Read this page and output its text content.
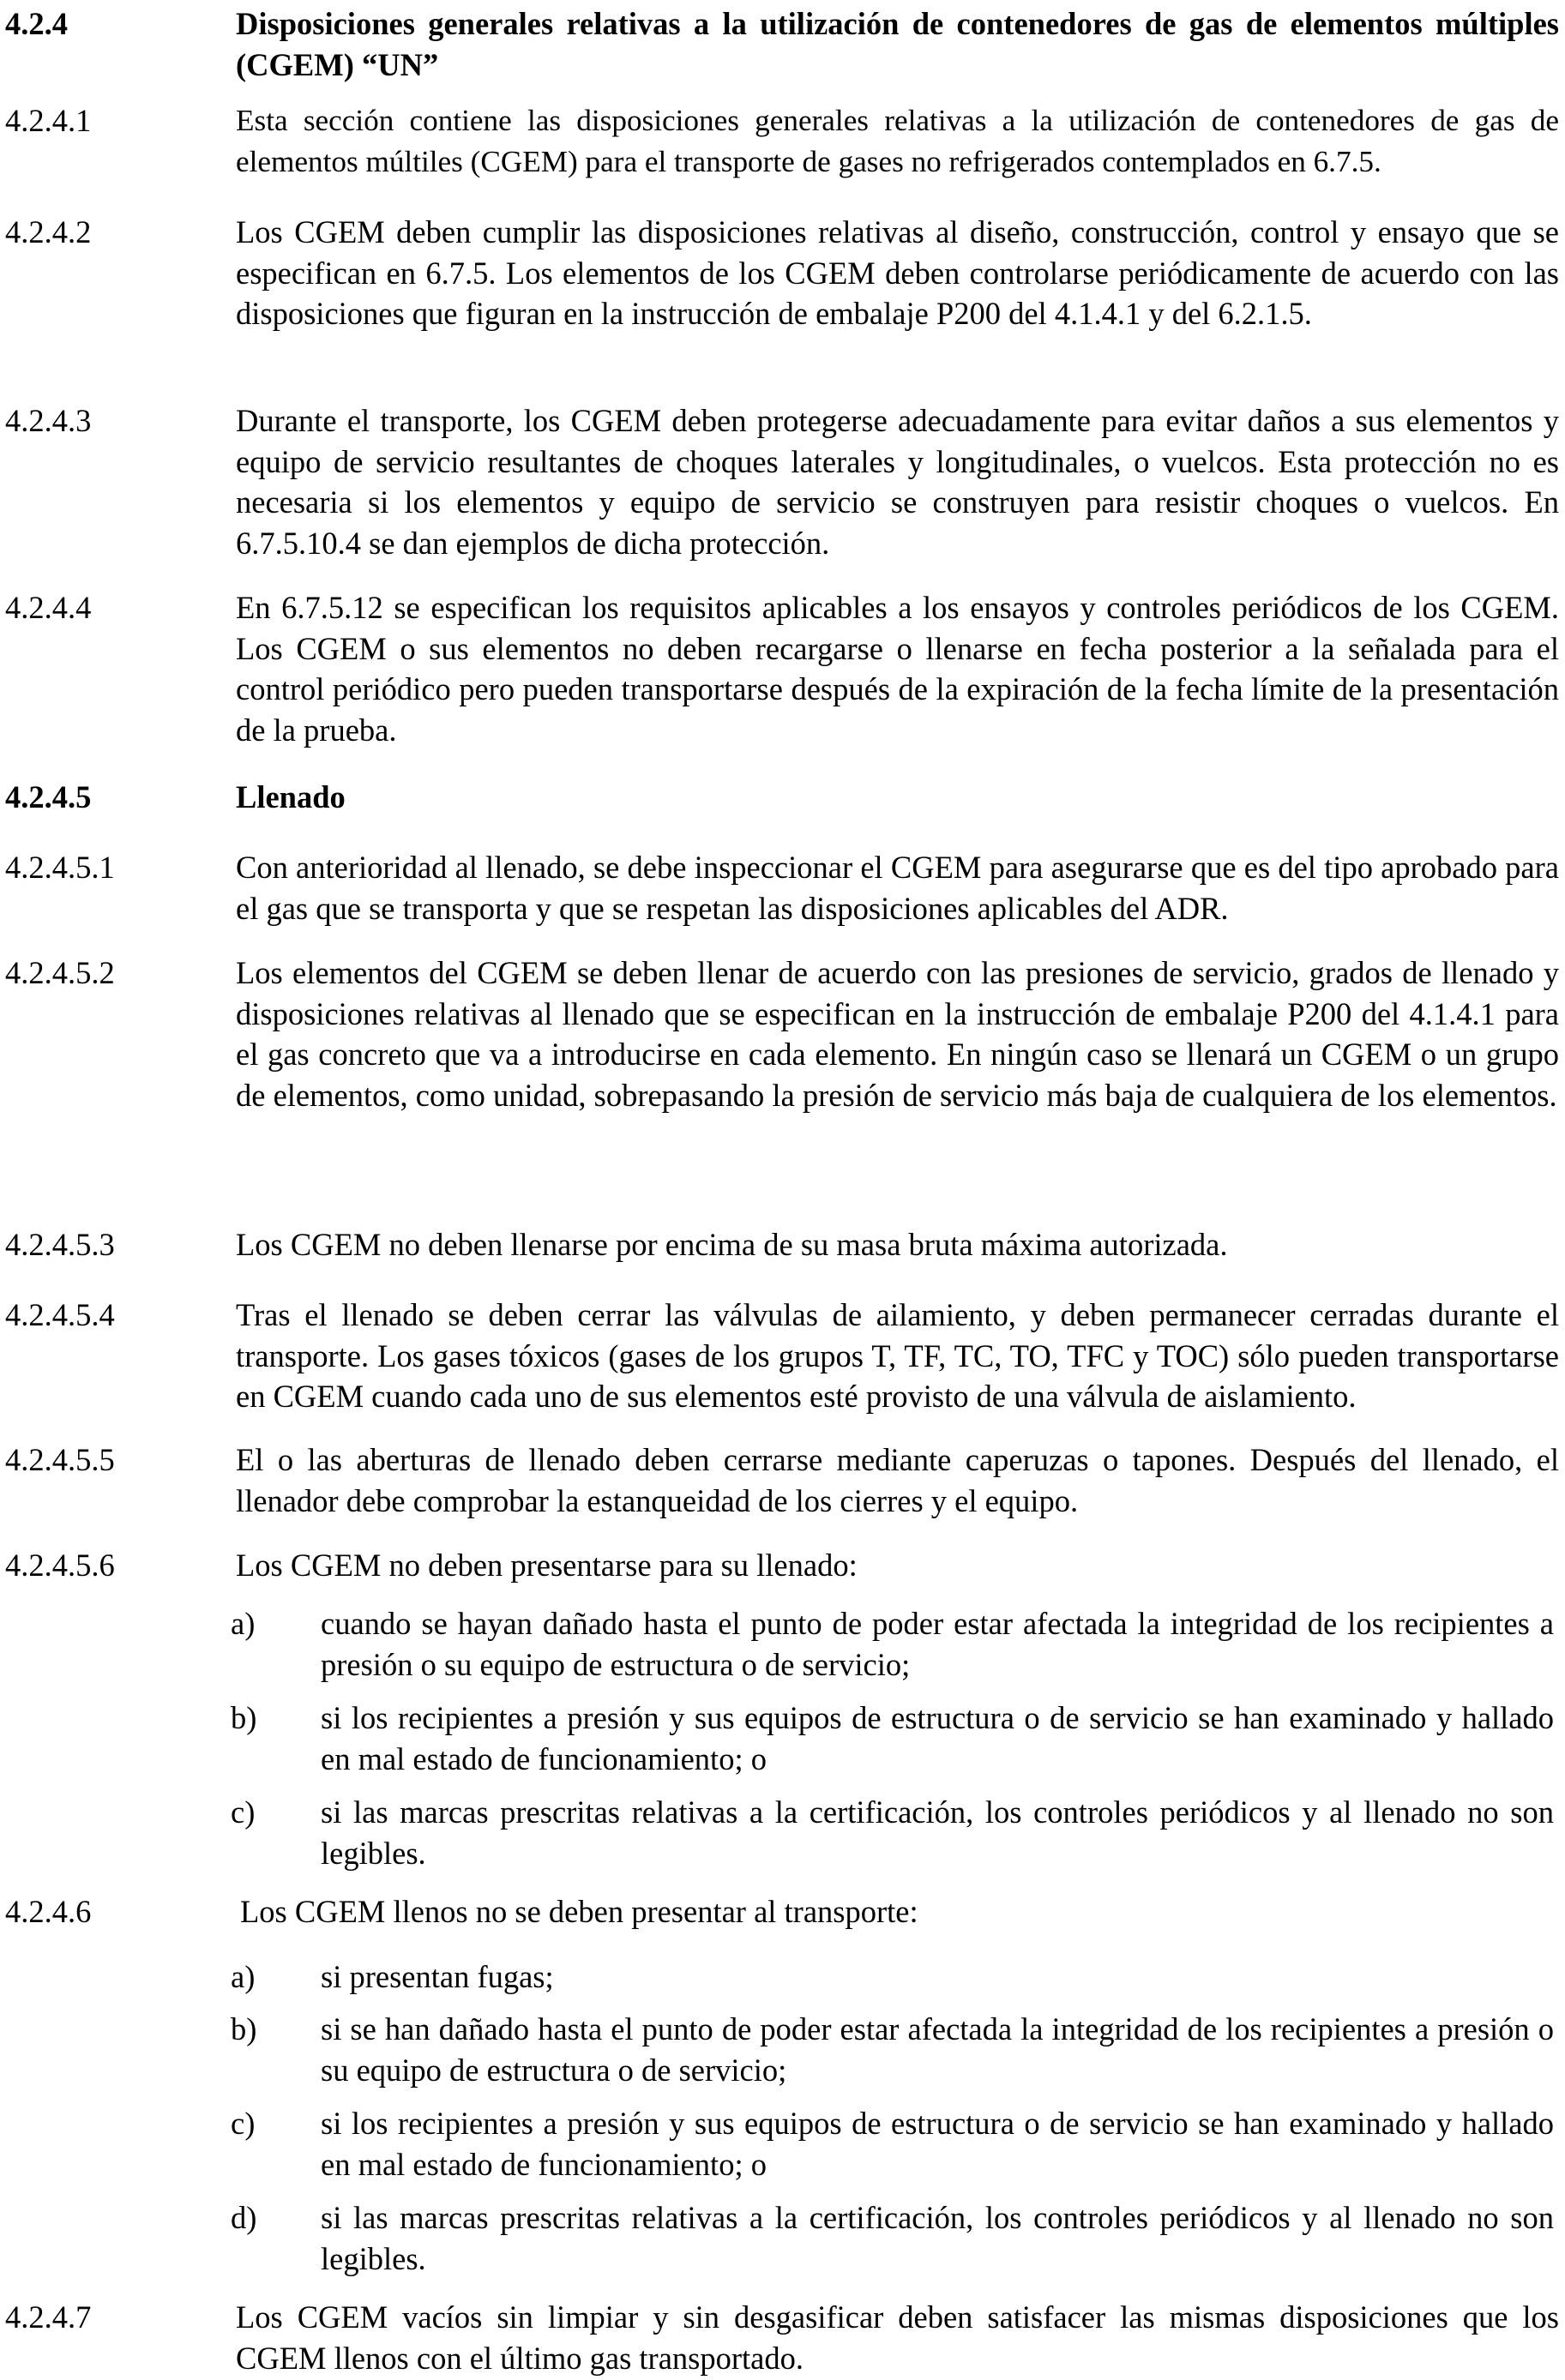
4.2.4	Disposiciones generales relativas a la utilización de contenedores de gas de elementos múltiples (CGEM) “UN”
4.2.4.1	Esta sección contiene las disposiciones generales relativas a la utilización de contenedores de gas de elementos múltiles (CGEM) para el transporte de gases no refrigerados contemplados en 6.7.5.
4.2.4.2	Los CGEM deben cumplir las disposiciones relativas al diseño, construcción, control y ensayo que se especifican en 6.7.5. Los elementos de los CGEM deben controlarse periódicamente de acuerdo con las disposiciones que figuran en la instrucción de embalaje P200 del 4.1.4.1 y del 6.2.1.5.
4.2.4.3	Durante el transporte, los CGEM deben protegerse adecuadamente para evitar daños a sus elementos y equipo de servicio resultantes de choques laterales y longitudinales, o vuelcos. Esta protección no es necesaria si los elementos y equipo de servicio se construyen para resistir choques o vuelcos. En 6.7.5.10.4 se dan ejemplos de dicha protección.
4.2.4.4	En 6.7.5.12 se especifican los requisitos aplicables a los ensayos y controles periódicos de los CGEM. Los CGEM o sus elementos no deben recargarse o llenarse en fecha posterior a la señalada para el control periódico pero pueden transportarse después de la expiración de la fecha límite de la presentación de la prueba.
4.2.4.5	Llenado
4.2.4.5.1	Con anterioridad al llenado, se debe inspeccionar el CGEM para asegurarse que es del tipo aprobado para el gas que se transporta y que se respetan las disposiciones aplicables del ADR.
4.2.4.5.2	Los elementos del CGEM se deben llenar de acuerdo con las presiones de servicio, grados de llenado y disposiciones relativas al llenado que se especifican en la instrucción de embalaje P200 del 4.1.4.1 para el gas concreto que va a introducirse en cada elemento. En ningún caso se llenará un CGEM o un grupo de elementos, como unidad, sobrepasando la presión de servicio más baja de cualquiera de los elementos.
4.2.4.5.3	Los CGEM no deben llenarse por encima de su masa bruta máxima autorizada.
4.2.4.5.4	Tras el llenado se deben cerrar las válvulas de ailamiento, y deben permanecer cerradas durante el transporte. Los gases tóxicos (gases de los grupos T, TF, TC, TO, TFC y TOC) sólo pueden transportarse en CGEM cuando cada uno de sus elementos esté provisto de una válvula de aislamiento.
4.2.4.5.5	El o las aberturas de llenado deben cerrarse mediante caperuzas o tapones. Después del llenado, el llenador debe comprobar la estanqueidad de los cierres y el equipo.
4.2.4.5.6	Los CGEM no deben presentarse para su llenado:
a) cuando se hayan dañado hasta el punto de poder estar afectada la integridad de los recipientes a presión o su equipo de estructura o de servicio;
b) si los recipientes a presión y sus equipos de estructura o de servicio se han examinado y hallado en mal estado de funcionamiento; o
c) si las marcas prescritas relativas a la certificación, los controles periódicos y al llenado no son legibles.
4.2.4.6	Los CGEM llenos no se deben presentar al transporte:
a) si presentan fugas;
b) si se han dañado hasta el punto de poder estar afectada la integridad de los recipientes a presión o su equipo de estructura o de servicio;
c) si los recipientes a presión y sus equipos de estructura o de servicio se han examinado y hallado en mal estado de funcionamiento; o
d) si las marcas prescritas relativas a la certificación, los controles periódicos y al llenado no son legibles.
4.2.4.7	Los CGEM vacíos sin limpiar y sin desgasificar deben satisfacer las mismas disposiciones que los CGEM llenos con el último gas transportado.
